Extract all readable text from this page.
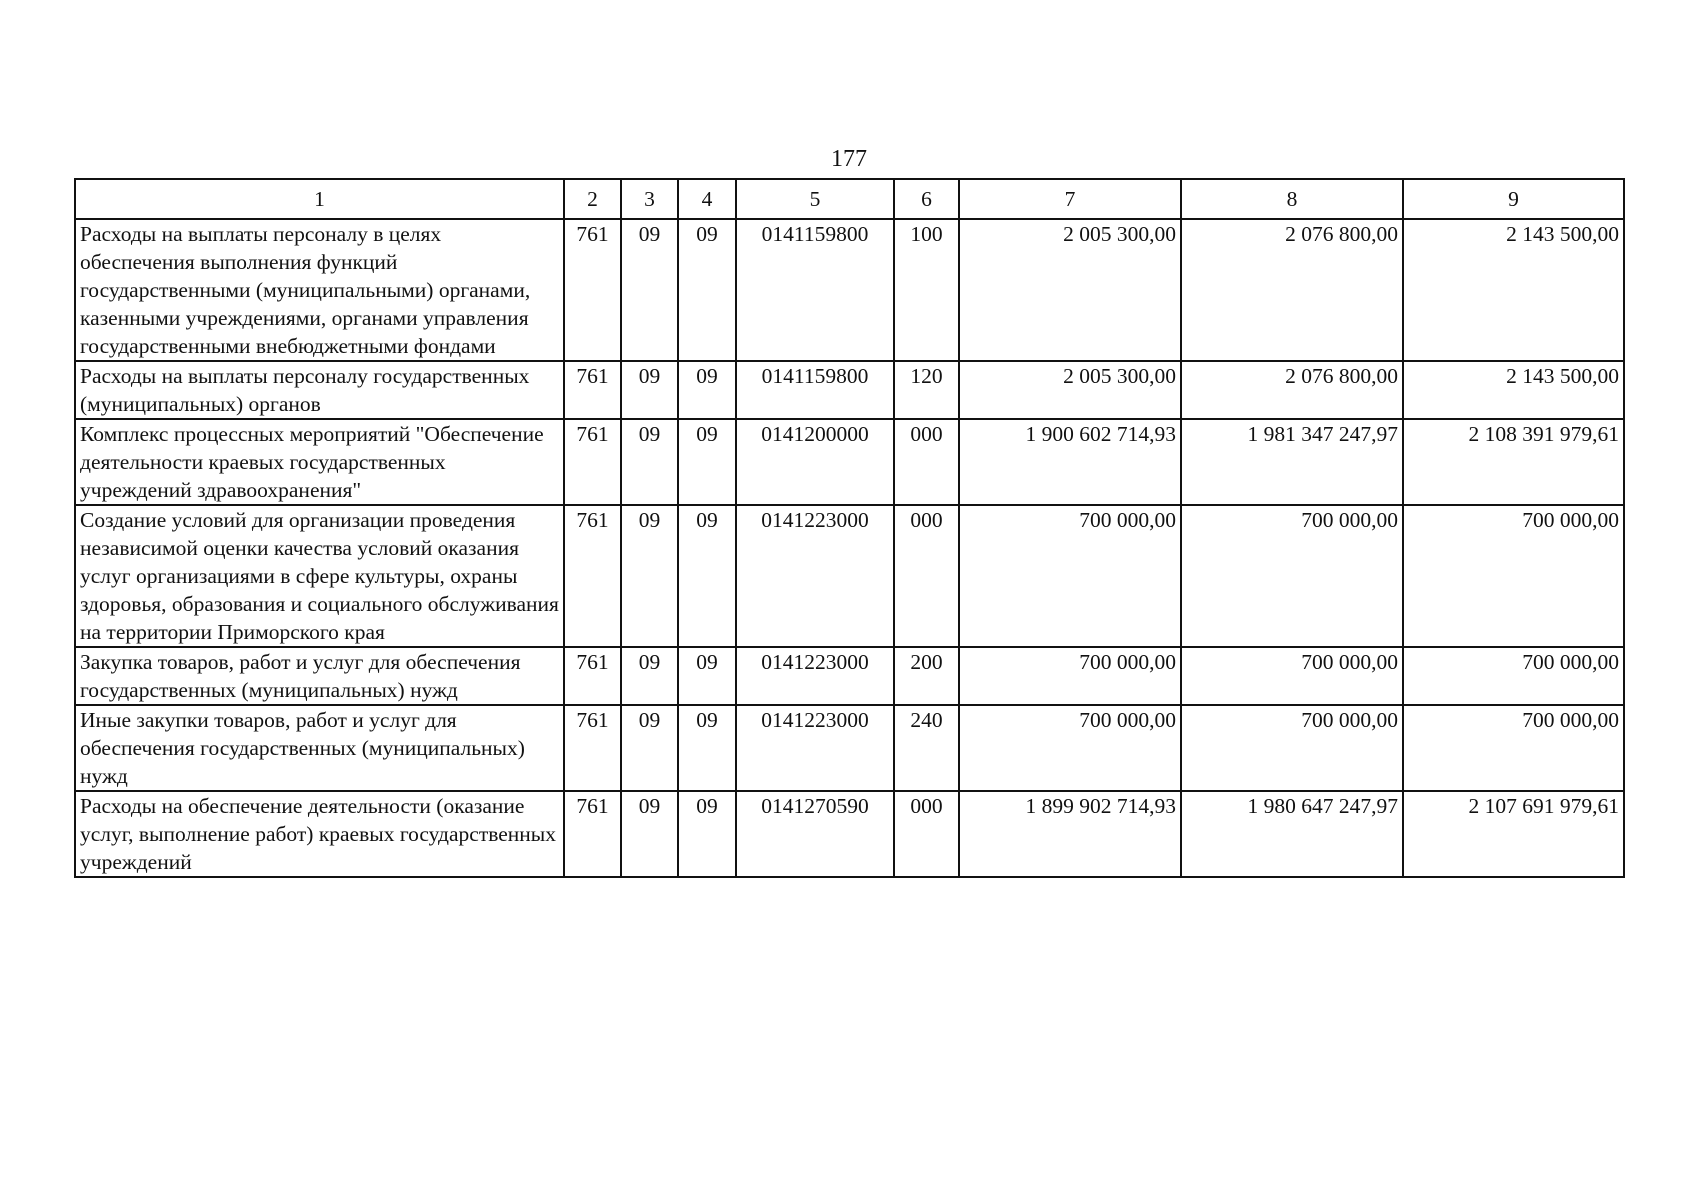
177
1	2	3	4	5	6	7	8	9
Расходы на выплаты персоналу в целях обеспечения выполнения функций государственными (муниципальными) органами, казенными учреждениями, органами управления государственными внебюджетными фондами	761	09	09	0141159800	100	2 005 300,00	2 076 800,00	2 143 500,00
Расходы на выплаты персоналу государственных (муниципальных) органов	761	09	09	0141159800	120	2 005 300,00	2 076 800,00	2 143 500,00
Комплекс процессных мероприятий "Обеспечение деятельности краевых государственных учреждений здравоохранения"	761	09	09	0141200000	000	1 900 602 714,93	1 981 347 247,97	2 108 391 979,61
Создание условий для организации проведения независимой оценки качества условий оказания услуг организациями в сфере культуры, охраны здоровья, образования и социального обслуживания на территории Приморского края	761	09	09	0141223000	000	700 000,00	700 000,00	700 000,00
Закупка товаров, работ и услуг для обеспечения государственных (муниципальных) нужд	761	09	09	0141223000	200	700 000,00	700 000,00	700 000,00
Иные закупки товаров, работ и услуг для обеспечения государственных (муниципальных) нужд	761	09	09	0141223000	240	700 000,00	700 000,00	700 000,00
Расходы на обеспечение деятельности (оказание услуг, выполнение работ) краевых государственных учреждений	761	09	09	0141270590	000	1 899 902 714,93	1 980 647 247,97	2 107 691 979,61
